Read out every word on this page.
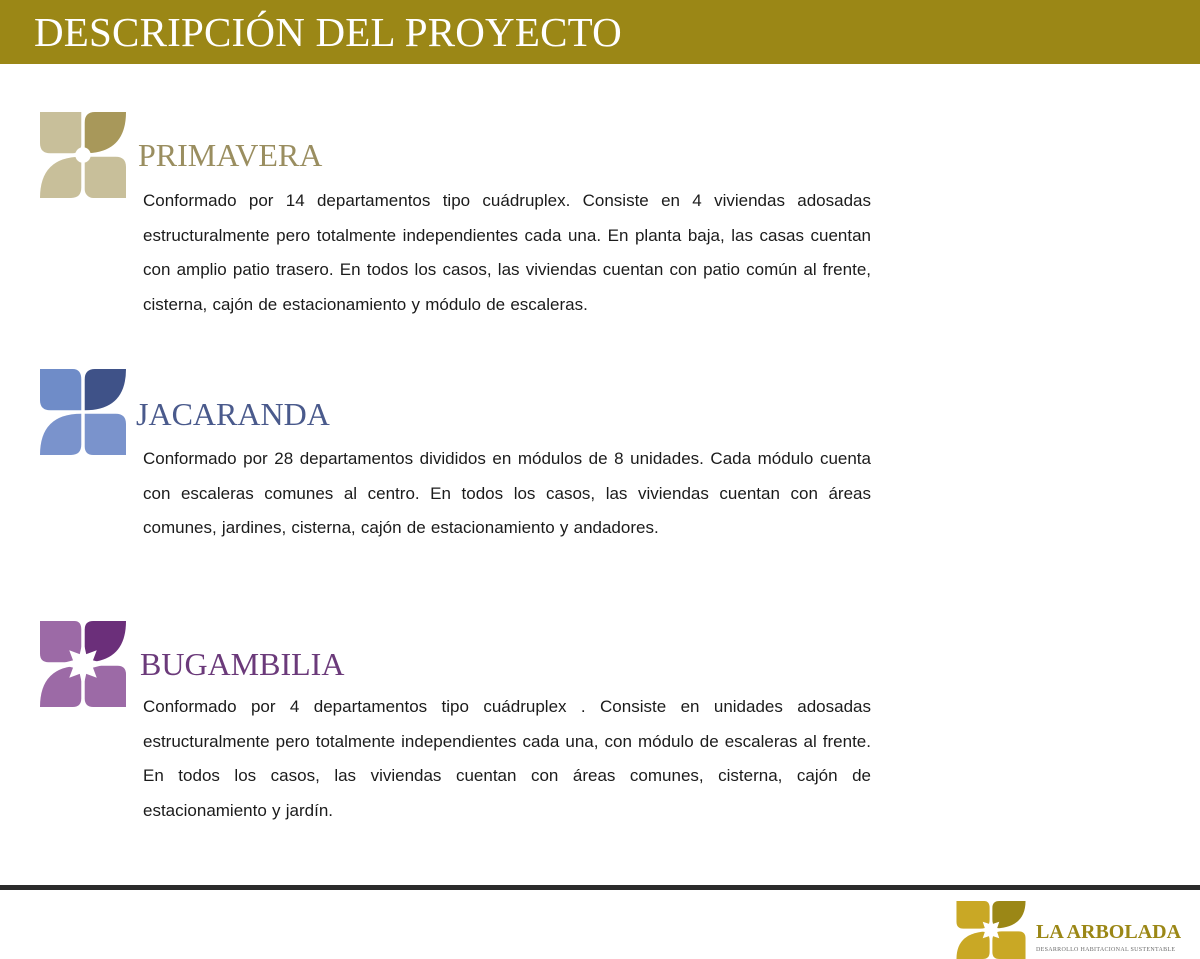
DESCRIPCIÓN DEL PROYECTO
PRIMAVERA

Conformado por 14 departamentos tipo cuádruplex. Consiste en 4 viviendas adosadas estructuralmente pero totalmente independientes cada una. En planta baja, las casas cuentan con amplio patio trasero. En todos los casos, las viviendas cuentan con patio común al frente, cisterna, cajón de estacionamiento y módulo de escaleras.

JACARANDA

Conformado por 28 departamentos divididos en módulos de 8 unidades. Cada módulo cuenta con escaleras comunes al centro. En todos los casos, las viviendas cuentan con áreas comunes, jardines, cisterna, cajón de estacionamiento y andadores.

BUGAMBILIA

Conformado por 4 departamentos tipo cuádruplex . Consiste en unidades adosadas estructuralmente pero totalmente independientes cada una, con módulo de escaleras al frente. En todos los casos, las viviendas cuentan con áreas comunes, cisterna, cajón de estacionamiento y jardín.

LA ARBOLADA
DESARROLLO HABITACIONAL SUSTENTABLE
